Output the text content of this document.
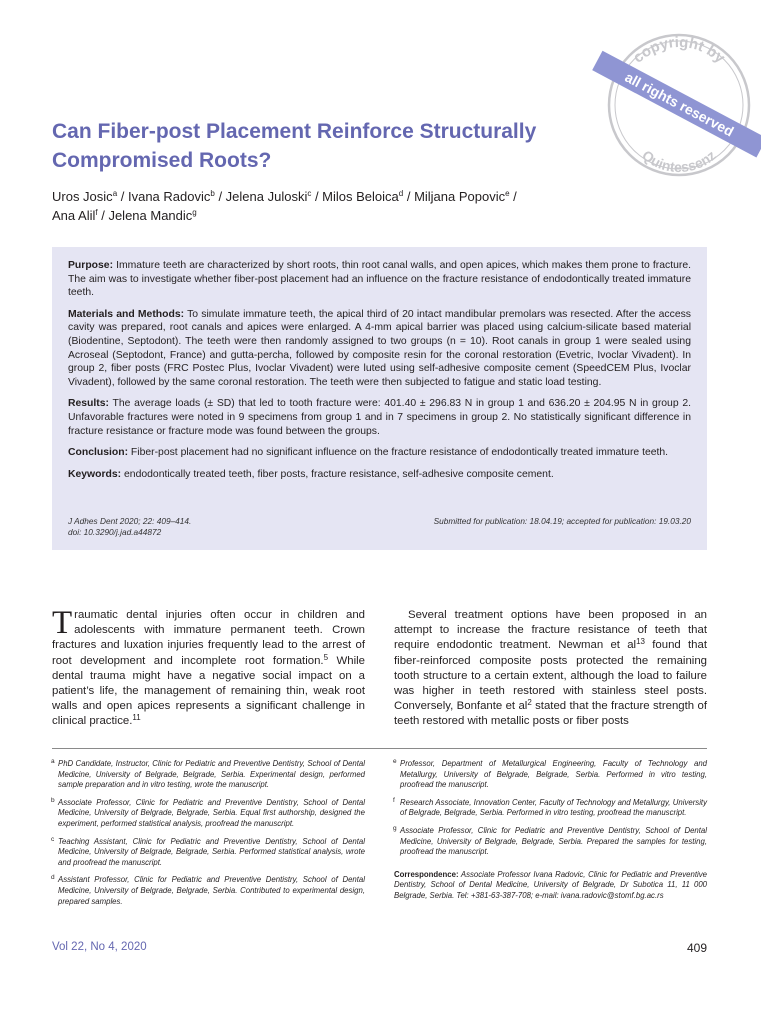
Can Fiber-post Placement Reinforce Structurally Compromised Roots?
Uros Josic$^a$ / Ivana Radovic$^b$ / Jelena Juloski$^c$ / Milos Beloica$^d$ / Miljana Popovic$^e$ /
Ana Alil$^f$ / Jelena Mandic$^g$
copyright by
Quintessenz
all rights reserved

Purpose: Immature teeth are characterized by short roots, thin root canal walls, and open apices, which makes them prone to fracture. The aim was to investigate whether fiber-post placement had an influence on the fracture resistance of endodontically treated immature teeth.

Materials and Methods: To simulate immature teeth, the apical third of 20 intact mandibular premolars was resected. After the access cavity was prepared, root canals and apices were enlarged. A 4-mm apical barrier was placed using calcium-silicate based material (Biodentine, Septodont). The teeth were then randomly assigned to two groups (n = 10). Root canals in group 1 were sealed using Acroseal (Septodont, France) and gutta-percha, followed by composite resin for the coronal restoration (Evetric, Ivoclar Vivadent). In group 2, fiber posts (FRC Postec Plus, Ivoclar Vivadent) were luted using self-adhesive composite cement (SpeedCEM Plus, Ivoclar Vivadent), followed by the same coronal restoration. The teeth were then subjected to fatigue and static load testing.

Results: The average loads (± SD) that led to tooth fracture were: 401.40 ± 296.83 N in group 1 and 636.20 ± 204.95 N in group 2. Unfavorable fractures were noted in 9 specimens from group 1 and in 7 specimens in group 2. No statistically significant difference in fracture resistance or fracture mode was found between the groups.

Conclusion: Fiber-post placement had no significant influence on the fracture resistance of endodontically treated immature teeth.

Keywords: endodontically treated teeth, fiber posts, fracture resistance, self-adhesive composite cement.

J Adhes Dent 2020; 22: 409–414.
doi: 10.3290/j.jad.a44872
Submitted for publication: 18.04.19; accepted for publication: 19.03.20

Traumatic dental injuries often occur in children and adolescents with immature permanent teeth. Crown fractures and luxation injuries frequently lead to the arrest of root development and incomplete root formation.$^5$ While dental trauma might have a negative social impact on a patient’s life, the management of remaining thin, weak root walls and open apices represents a significant challenge in clinical practice.$^{11}$

Several treatment options have been proposed in an attempt to increase the fracture resistance of teeth that require endodontic treatment. Newman et $al^{13}$ found that fiber-reinforced composite posts protected the remaining tooth structure to a certain extent, although the load to failure was higher in teeth restored with stainless steel posts. Conversely, Bonfante et $al^2$ stated that the fracture strength of teeth restored with metallic posts or fiber posts

a PhD Candidate, Instructor, Clinic for Pediatric and Preventive Dentistry, School of Dental Medicine, University of Belgrade, Belgrade, Serbia. Experimental design, performed sample preparation and in vitro testing, wrote the manuscript.
b Associate Professor, Clinic for Pediatric and Preventive Dentistry, School of Dental Medicine, University of Belgrade, Belgrade, Serbia. Equal first authorship, designed the experiment, performed statistical analysis, proofread the manuscript.
c Teaching Assistant, Clinic for Pediatric and Preventive Dentistry, School of Dental Medicine, University of Belgrade, Belgrade, Serbia. Performed statistical analysis, wrote and proofread the manuscript.
d Assistant Professor, Clinic for Pediatric and Preventive Dentistry, School of Dental Medicine, University of Belgrade, Belgrade, Serbia. Contributed to experimental design, prepared samples.
e Professor, Department of Metallurgical Engineering, Faculty of Technology and Metallurgy, University of Belgrade, Belgrade, Serbia. Performed in vitro testing, proofread the manuscript.
f Research Associate, Innovation Center, Faculty of Technology and Metallurgy, University of Belgrade, Belgrade, Serbia. Performed in vitro testing, proofread the manuscript.
g Associate Professor, Clinic for Pediatric and Preventive Dentistry, School of Dental Medicine, University of Belgrade, Belgrade, Serbia. Prepared the samples for testing, proofread the manuscript.
Correspondence: Associate Professor Ivana Radovic, Clinic for Pediatric and Preventive Dentistry, School of Dental Medicine, University of Belgrade, Dr Subotica 11, 11 000 Belgrade, Serbia. Tel: +381-63-387-708; e-mail: ivana.radovic@stomf.bg.ac.rs
Vol 22, No 4, 2020	409
